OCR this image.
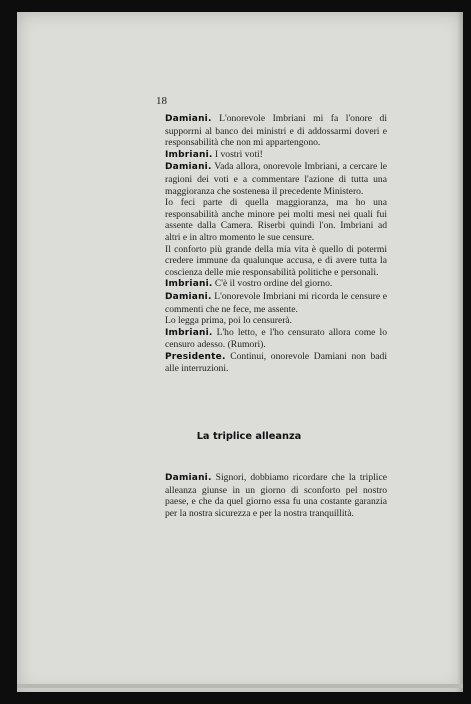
18

Damiani. L'onorevole Imbriani mi fa l'onore di supporrni al banco dei ministri e di addossarmi doveri e responsabilità che non mi appartengono.

Imbriani. I vostri voti!

Damiani. Vada allora, onorevole Imbriani, a cercare le ragioni dei voti e a commentare l'azione di tutta una maggioranza che sostenева il precedente Ministero.

Io feci parte di quella maggioranza, ma ho una responsabilità anche minore pei molti mesi nei quali fui assente dalla Camera. Riserbi quindi l'on. Imbriani ad altri e in altro momento le sue censure.

Il conforto più grande della mia vita è quello di potermi credere immune da qualunque accusa, e di avere tutta la coscienza delle mie responsabilità politiche e personali.

Imbriani. C'è il vostro ordine del giorno.

Damiani. L'onorevole Imbriani mi ricorda le censure e commenti che ne fece, me assente.

Lo legga prima, poi lo censurerà.

Imbriani. L'ho letto, e l'ho censurato allora come lo censuro adesso. (Rumori).

Presidente. Continui, onorevole Damiani non badi alle interruzioni.

La triplice alleanza

Damiani. Signori, dobbiamo ricordare che la triplice alleanza giunse in un giorno di sconforto pel nostro paese, e che da quel giorno essa fu una costante garanzia per la nostra sicurezza e per la nostra tranquillità.
